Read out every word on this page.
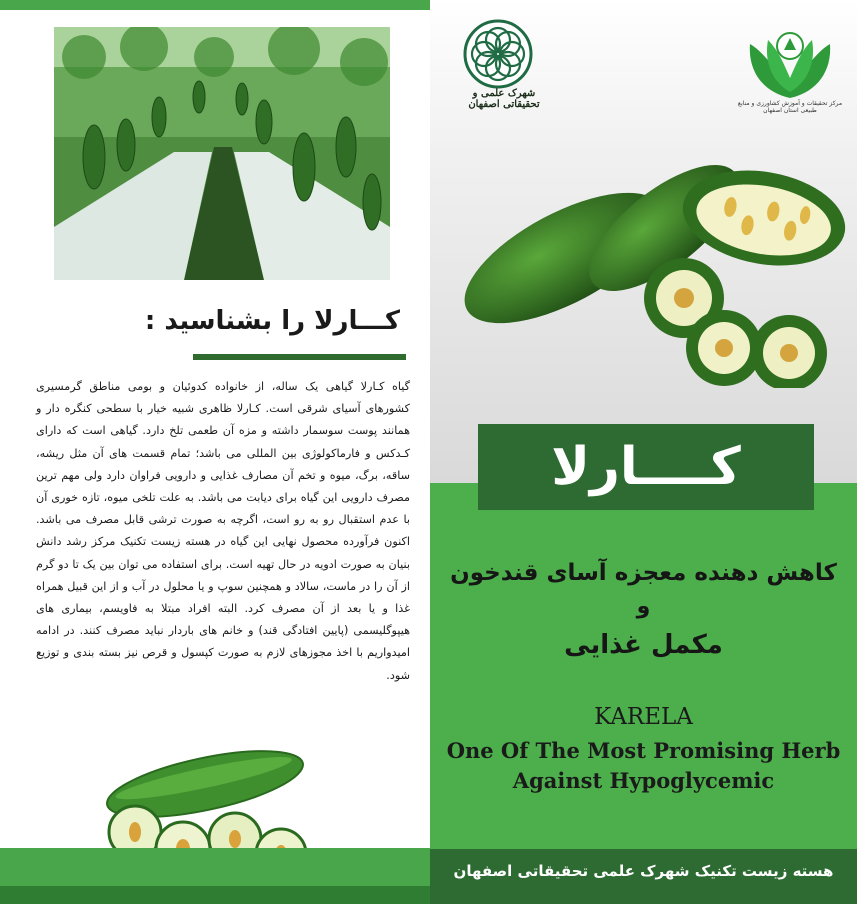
کـــارلا را بشناسید :
گیاه کـارلا گیاهی یک ساله، از خانواده کدوئیان و بومی مناطق گرمسیری کشورهای آسیای شرقی است. کـارلا ظاهری شبیه خیار با سطحی کنگره دار و همانند پوست سوسمار داشته و مزه آن طعمی تلخ دارد. گیاهی است که دارای کـدکس و فارماکولوژی بین المللی می باشد؛ تمام قسمت های آن مثل ریشه، ساقه، برگ، میوه و تخم آن مصارف غذایی و دارویی فراوان دارد ولی مهم ترین مصرف دارویی این گیاه برای دیابت می باشد. به علت تلخی میوه، تازه خوری آن با عدم استقبال رو به رو است، اگرچه به صورت ترشی قابل مصرف می باشد. اکنون فرآورده محصول نهایی این گیاه در هسته زیست تکنیک مرکز رشد دانش بنیان به صورت ادویه در حال تهیه است. برای استفاده می توان بین یک تا دو گرم از آن را در ماست، سالاد و همچنین سوپ و یا محلول در آب و از این قبیل همراه غذا و یا بعد از آن مصرف کرد. البته افراد مبتلا به فاویسم، بیماری های هیپوگلیسمی (پایین افتادگی قند) و خانم های باردار نباید مصرف کنند. در ادامه امیدواریم با اخذ مجوزهای لازم به صورت کپسول و قرص نیز بسته بندی و توزیع شود.
شهرک علمی و تحقیقاتی اصفهان	مرکز تحقیقات و آموزش کشاورزی و منابع طبیعی استان اصفهان
کــــارلا
کاهش دهنده معجزه آسای قندخون
و
مکمل غذایی
KARELA
One Of The Most Promising Herb
Against Hypoglycemic
هسته زیست تکنیک شهرک علمی تحقیقاتی اصفهان
